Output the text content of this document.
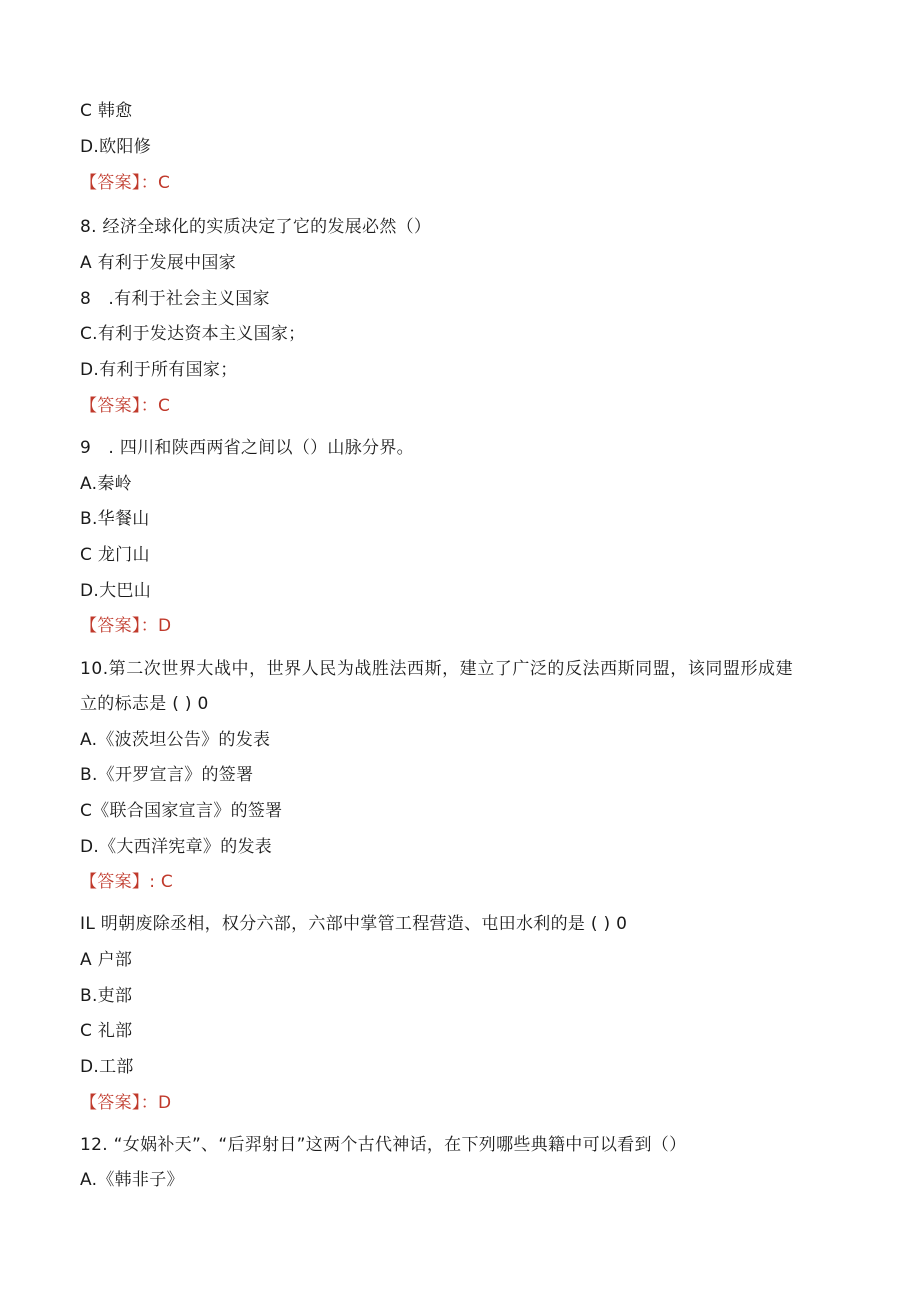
C 韩愈
D.欧阳修
【答案】：C
8. 经济全球化的实质决定了它的发展必然（）
A 有利于发展中国家
8　.有利于社会主义国家
C.有利于发达资本主义国家；
D.有利于所有国家；
【答案】：C
9　. 四川和陕西两省之间以（）山脉分界。
A.秦岭
B.华餐山
C 龙门山
D.大巴山
【答案】：D
10.第二次世界大战中，世界人民为战胜法西斯，建立了广泛的反法西斯同盟，该同盟形成建
立的标志是 ( ) 0
A.《波茨坦公告》的发表
B.《开罗宣言》的签署
C《联合国家宣言》的签署
D.《大西洋宪章》的发表
【答案】: C
IL 明朝废除丞相，权分六部，六部中掌管工程营造、屯田水利的是 ( ) 0
A 户部
B.吏部
C 礼部
D.工部
【答案】：D
12. “女娲补天”、“后羿射日”这两个古代神话，在下列哪些典籍中可以看到（）
A.《韩非子》
